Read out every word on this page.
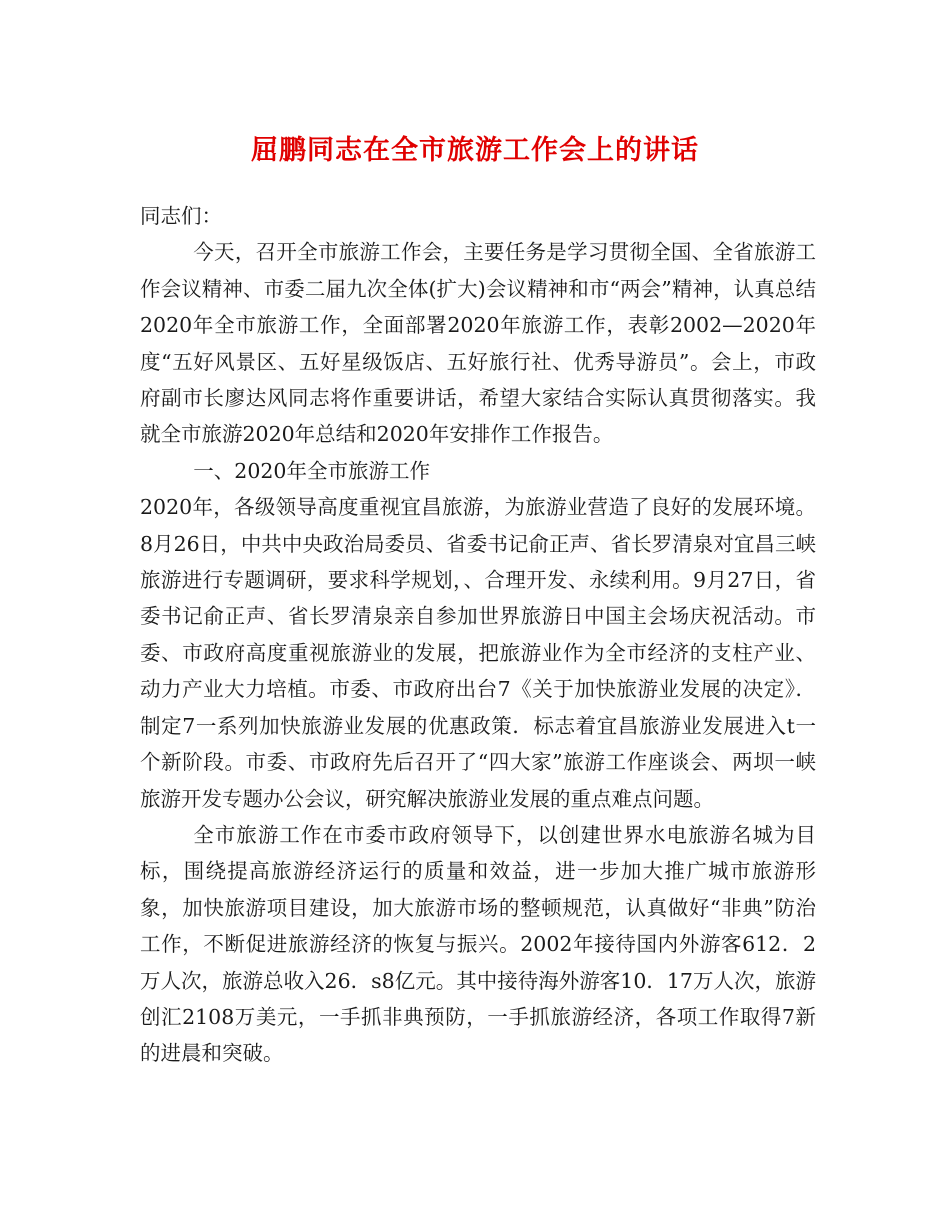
屈鹏同志在全市旅游工作会上的讲话

同志们：

今天，召开全市旅游工作会，主要任务是学习贯彻全国、全省旅游工作会议精神、市委二届九次全体(扩大)会议精神和市“两会”精神，认真总结2020年全市旅游工作，全面部署2020年旅游工作，表彰2002—2020年度“五好风景区、五好星级饭店、五好旅行社、优秀导游员”。会上，市政府副市长廖达风同志将作重要讲话，希望大家结合实际认真贯彻落实。我就全市旅游2020年总结和2020年安排作工作报告。

一、2020年全市旅游工作

2020年，各级领导高度重视宜昌旅游，为旅游业营造了良好的发展环境。8月26日，中共中央政治局委员、省委书记俞正声、省长罗清泉对宜昌三峡旅游进行专题调研，要求科学规划，、合理开发、永续利用。9月27日，省委书记俞正声、省长罗清泉亲自参加世界旅游日中国主会场庆祝活动。市委、市政府高度重视旅游业的发展，把旅游业作为全市经济的支柱产业、动力产业大力培植。市委、市政府出台7《关于加快旅游业发展的决定》．制定7一系列加快旅游业发展的优惠政策．标志着宜昌旅游业发展进入t一个新阶段。市委、市政府先后召开了“四大家”旅游工作座谈会、两坝一峡旅游开发专题办公会议，研究解决旅游业发展的重点难点问题。

全市旅游工作在市委市政府领导下，以创建世界水电旅游名城为目标，围绕提高旅游经济运行的质量和效益，进一步加大推广城市旅游形象，加快旅游项目建设，加大旅游市场的整顿规范，认真做好“非典”防治工作，不断促进旅游经济的恢复与振兴。2002年接待国内外游客612．2万人次，旅游总收入26．s8亿元。其中接待海外游客10．17万人次，旅游创汇2108万美元，一手抓非典预防，一手抓旅游经济，各项工作取得7新的进晨和突破。
